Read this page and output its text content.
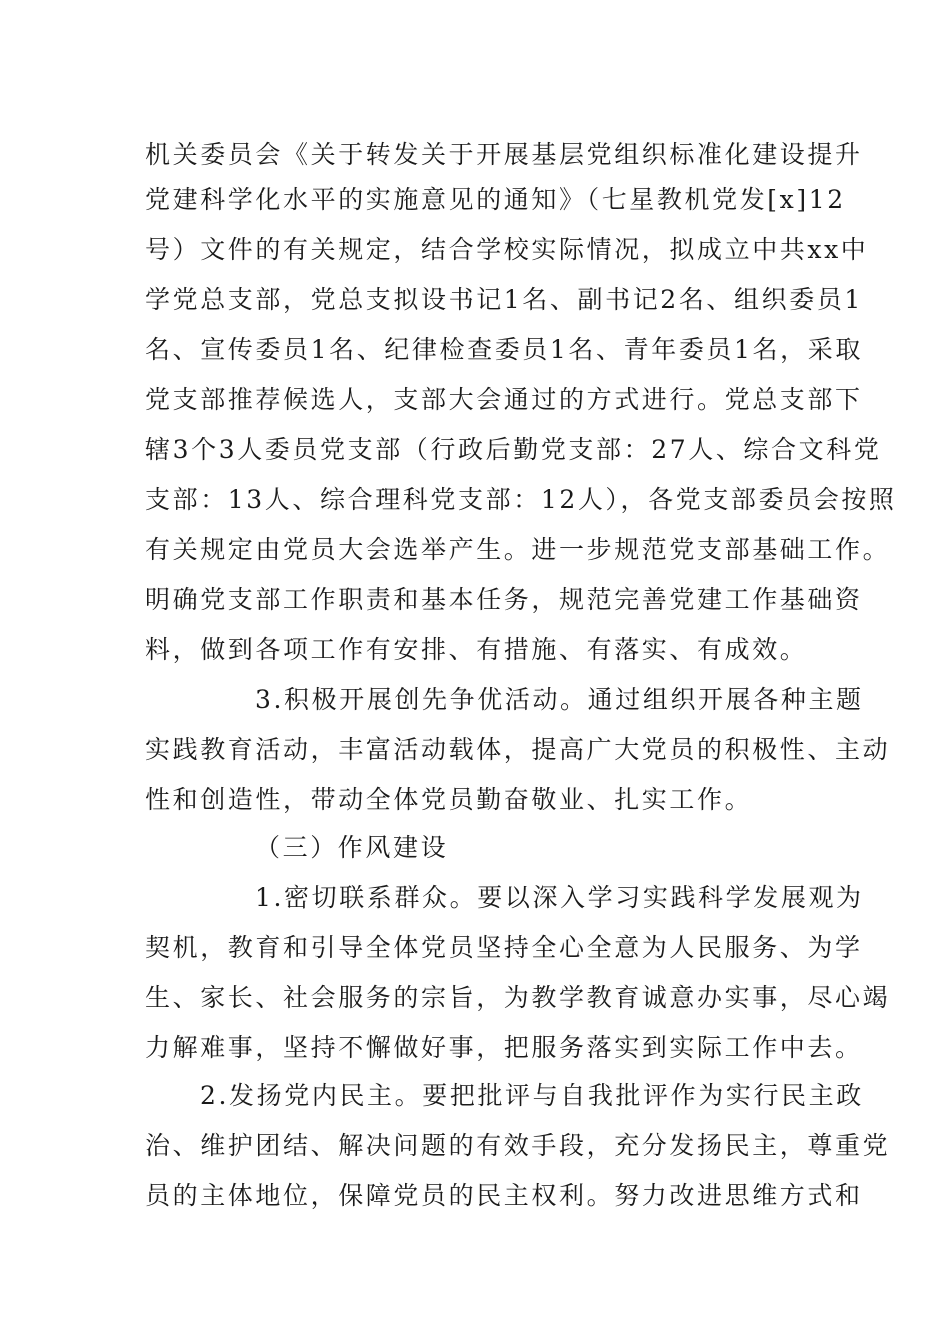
机关委员会《关于转发关于开展基层党组织标准化建设提升
党建科学化水平的实施意见的通知》（七星教机党发[x]12
号）文件的有关规定，结合学校实际情况，拟成立中共xx中
学党总支部，党总支拟设书记1名、副书记2名、组织委员1
名、宣传委员1名、纪律检查委员1名、青年委员1名，采取
党支部推荐候选人，支部大会通过的方式进行。党总支部下
辖3个3人委员党支部（行政后勤党支部：27人、综合文科党
支部：13人、综合理科党支部：12人），各党支部委员会按照
有关规定由党员大会选举产生。进一步规范党支部基础工作。
明确党支部工作职责和基本任务，规范完善党建工作基础资
料，做到各项工作有安排、有措施、有落实、有成效。
3.积极开展创先争优活动。通过组织开展各种主题
实践教育活动，丰富活动载体，提高广大党员的积极性、主动
性和创造性，带动全体党员勤奋敬业、扎实工作。
（三）作风建设
1.密切联系群众。要以深入学习实践科学发展观为
契机，教育和引导全体党员坚持全心全意为人民服务、为学
生、家长、社会服务的宗旨，为教学教育诚意办实事，尽心竭
力解难事，坚持不懈做好事，把服务落实到实际工作中去。
2.发扬党内民主。要把批评与自我批评作为实行民主政
治、维护团结、解决问题的有效手段，充分发扬民主，尊重党
员的主体地位，保障党员的民主权利。努力改进思维方式和
